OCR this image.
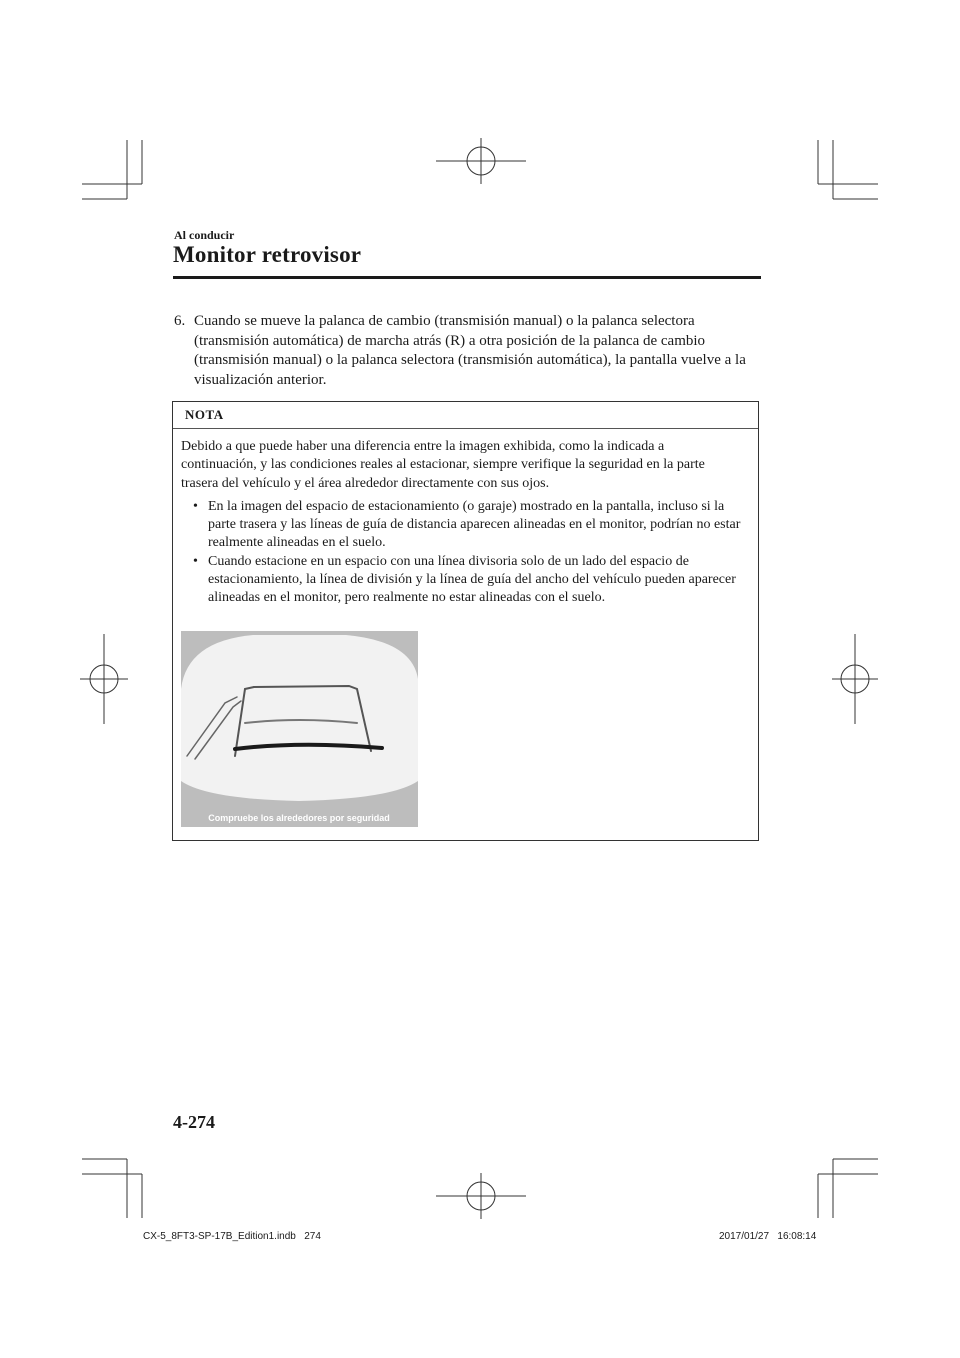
Al conducir
Monitor retrovisor
6. Cuando se mueve la palanca de cambio (transmisión manual) o la palanca selectora (transmisión automática) de marcha atrás (R) a otra posición de la palanca de cambio (transmisión manual) o la palanca selectora (transmisión automática), la pantalla vuelve a la visualización anterior.
NOTA

Debido a que puede haber una diferencia entre la imagen exhibida, como la indicada a continuación, y las condiciones reales al estacionar, siempre verifique la seguridad en la parte trasera del vehículo y el área alrededor directamente con sus ojos.

• En la imagen del espacio de estacionamiento (o garaje) mostrado en la pantalla, incluso si la parte trasera y las líneas de guía de distancia aparecen alineadas en el monitor, podrían no estar realmente alineadas en el suelo.
• Cuando estacione en un espacio con una línea divisoria solo de un lado del espacio de estacionamiento, la línea de división y la línea de guía del ancho del vehículo pueden aparecer alineadas en el monitor, pero realmente no estar alineadas con el suelo.
Compruebe los alrededores por seguridad
4-274
CX-5_8FT3-SP-17B_Edition1.indb   274	2017/01/27   16:08:14
